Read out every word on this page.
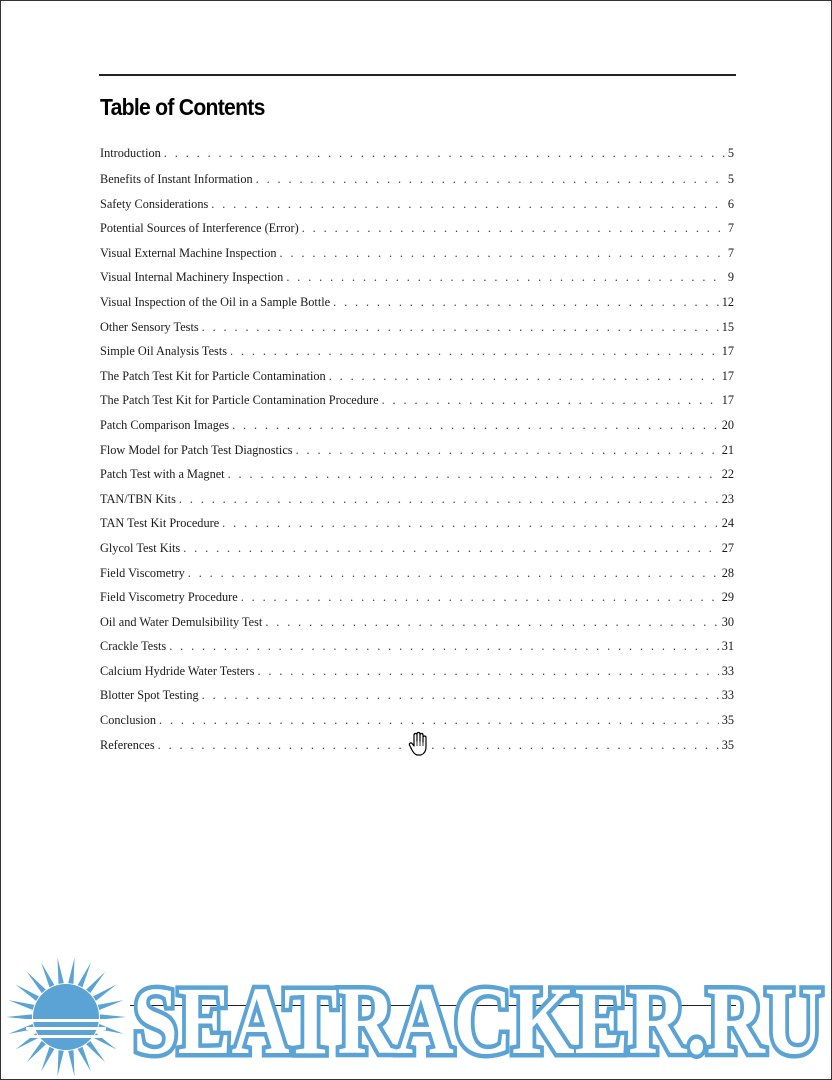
Table of Contents
Introduction . . .	5
Benefits of Instant Information . . .	5
Safety Considerations . . .	6
Potential Sources of Interference (Error) . . .	7
Visual External Machine Inspection . . .	7
Visual Internal Machinery Inspection . . .	9
Visual Inspection of the Oil in a Sample Bottle . . .	12
Other Sensory Tests . . .	15
Simple Oil Analysis Tests . . .	17
The Patch Test Kit for Particle Contamination . . .	17
The Patch Test Kit for Particle Contamination Procedure . . .	17
Patch Comparison Images . . .	20
Flow Model for Patch Test Diagnostics . . .	21
Patch Test with a Magnet . . .	22
TAN/TBN Kits . . .	23
TAN Test Kit Procedure . . .	24
Glycol Test Kits . . .	27
Field Viscometry . . .	28
Field Viscometry Procedure . . .	29
Oil and Water Demulsibility Test . . .	30
Crackle Tests . . .	31
Calcium Hydride Water Testers . . .	33
Blotter Spot Testing . . .	33
Conclusion . . .	35
References . . .	35
3
SEATRACKER.RU
